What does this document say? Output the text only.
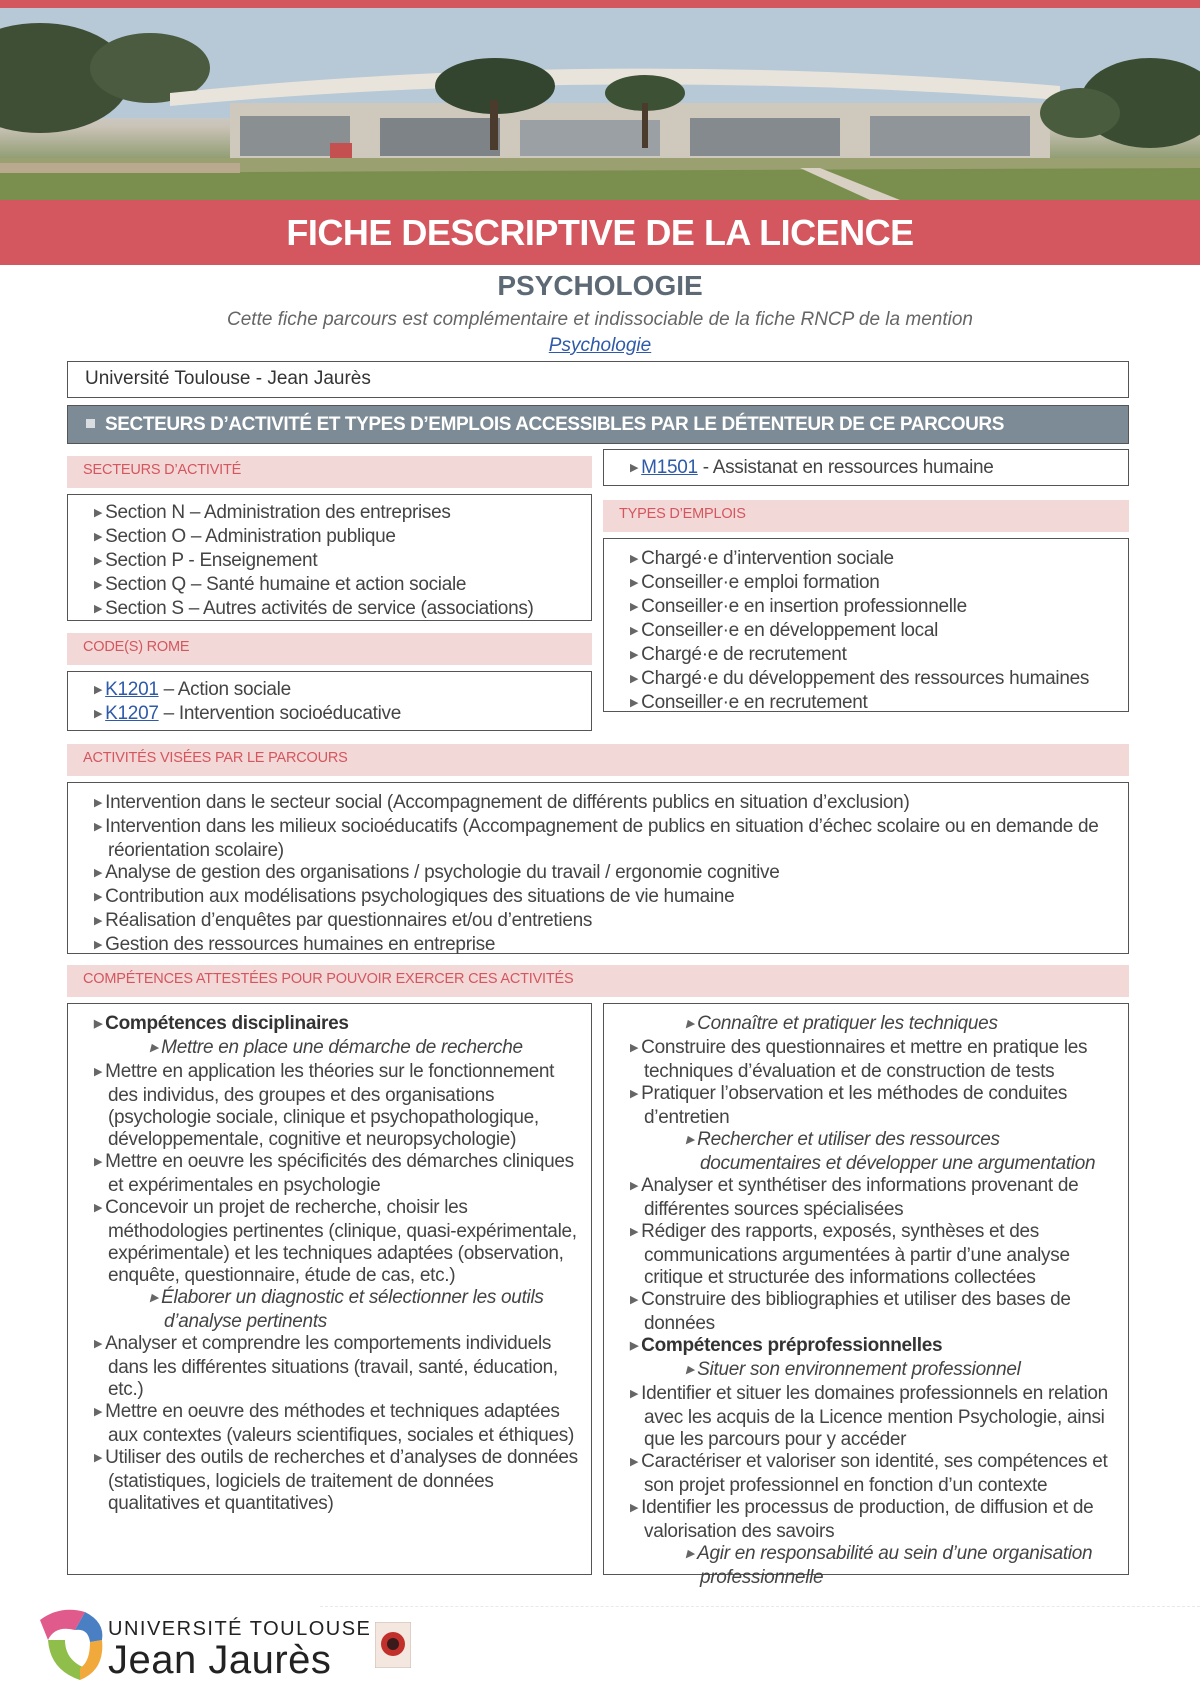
FICHE DESCRIPTIVE DE LA LICENCE
PSYCHOLOGIE
Cette fiche parcours est complémentaire et indissociable de la fiche RNCP de la mention
Psychologie
Université Toulouse - Jean Jaurès
SECTEURS D’ACTIVITÉ ET TYPES D’EMPLOIS ACCESSIBLES PAR LE DÉTENTEUR DE CE PARCOURS
SECTEURS D’ACTIVITÉ
▶ Section N – Administration des entreprises
▶ Section O – Administration publique
▶ Section P - Enseignement
▶ Section Q – Santé humaine et action sociale
▶ Section S – Autres activités de service (associations)
CODE(S) ROME
▶ K1201 – Action sociale
▶ K1207 – Intervention socioéducative
▶ M1501 - Assistanat en ressources humaine
TYPES D’EMPLOIS
▶ Chargé·e d’intervention sociale
▶ Conseiller·e emploi formation
▶ Conseiller·e en insertion professionnelle
▶ Conseiller·e en développement local
▶ Chargé·e de recrutement
▶ Chargé·e du développement des ressources humaines
▶ Conseiller·e en recrutement
ACTIVITÉS VISÉES PAR LE PARCOURS
▶ Intervention dans le secteur social (Accompagnement de différents publics en situation d’exclusion)
▶ Intervention dans les milieux socioéducatifs (Accompagnement de publics en situation d’échec scolaire ou en demande de réorientation scolaire)
▶ Analyse de gestion des organisations / psychologie du travail / ergonomie cognitive
▶ Contribution aux modélisations psychologiques des situations de vie humaine
▶ Réalisation d’enquêtes par questionnaires et/ou d’entretiens
▶ Gestion des ressources humaines en entreprise
COMPÉTENCES ATTESTÉES POUR POUVOIR EXERCER CES ACTIVITÉS
▶ Compétences disciplinaires
▶ Mettre en place une démarche de recherche
▶ Mettre en application les théories sur le fonctionnement des individus, des groupes et des organisations (psychologie sociale, clinique et psychopathologique, développementale, cognitive et neuropsychologie)
▶ Mettre en oeuvre les spécificités des démarches cliniques et expérimentales en psychologie
▶ Concevoir un projet de recherche, choisir les méthodologies pertinentes (clinique, quasi-expérimentale, expérimentale) et les techniques adaptées (observation, enquête, questionnaire, étude de cas, etc.)
▶ Élaborer un diagnostic et sélectionner les outils d’analyse pertinents
▶ Analyser et comprendre les comportements individuels dans les différentes situations (travail, santé, éducation, etc.)
▶ Mettre en oeuvre des méthodes et techniques adaptées aux contextes (valeurs scientifiques, sociales et éthiques)
▶ Utiliser des outils de recherches et d’analyses de données (statistiques, logiciels de traitement de données qualitatives et quantitatives)
▶ Connaître et pratiquer les techniques
▶ Construire des questionnaires et mettre en pratique les techniques d’évaluation et de construction de tests
▶ Pratiquer l’observation et les méthodes de conduites d’entretien
▶ Rechercher et utiliser des ressources documentaires et développer une argumentation
▶ Analyser et synthétiser des informations provenant de différentes sources spécialisées
▶ Rédiger des rapports, exposés, synthèses et des communications argumentées à partir d’une analyse critique et structurée des informations collectées
▶ Construire des bibliographies et utiliser des bases de données
▶ Compétences préprofessionnelles
▶ Situer son environnement professionnel
▶ Identifier et situer les domaines professionnels en relation avec les acquis de la Licence mention Psychologie, ainsi que les parcours pour y accéder
▶ Caractériser et valoriser son identité, ses compétences et son projet professionnel en fonction d’un contexte
▶ Identifier les processus de production, de diffusion et de valorisation des savoirs
▶ Agir en responsabilité au sein d’une organisation professionnelle
UNIVERSITÉ TOULOUSE
Jean Jaurès
